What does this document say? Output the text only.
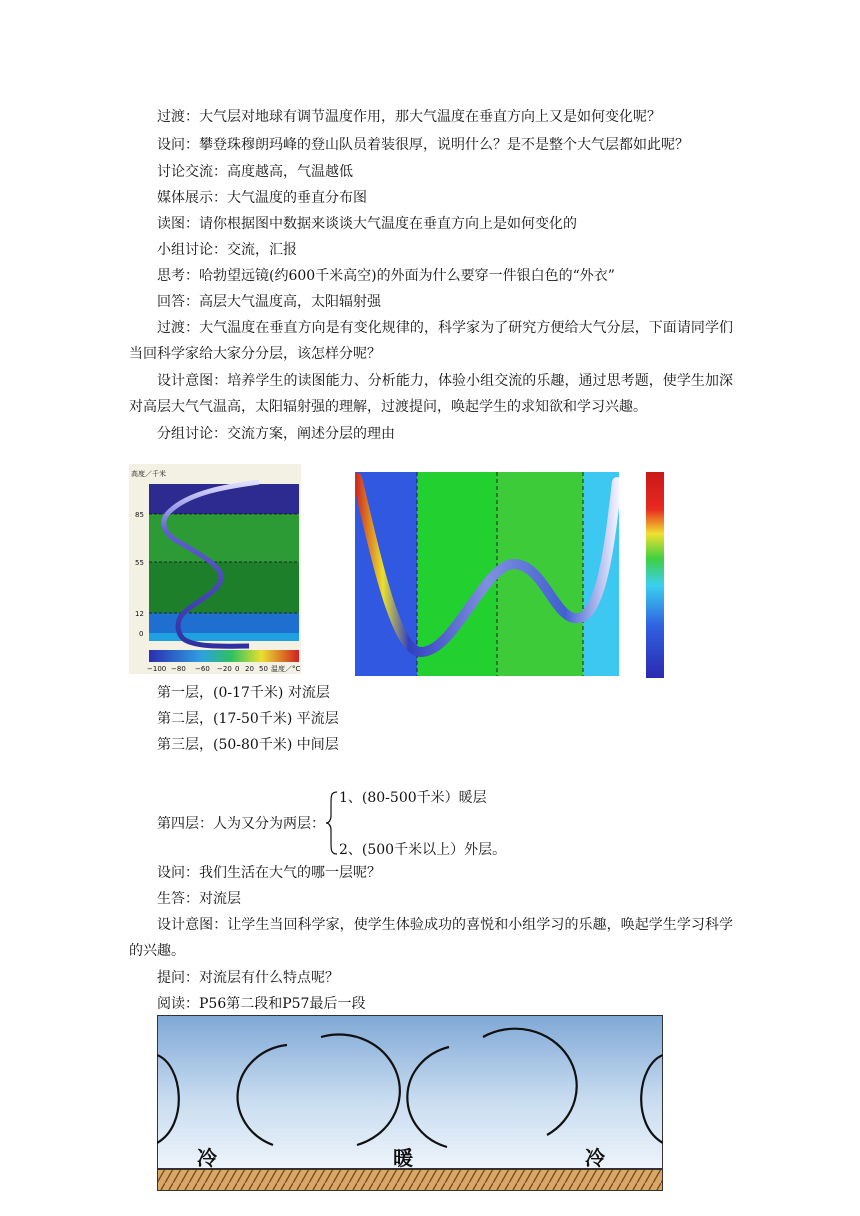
过渡：大气层对地球有调节温度作用，那大气温度在垂直方向上又是如何变化呢？
设问：攀登珠穆朗玛峰的登山队员着装很厚，说明什么？是不是整个大气层都如此呢？
讨论交流：高度越高，气温越低
媒体展示：大气温度的垂直分布图
读图：请你根据图中数据来谈谈大气温度在垂直方向上是如何变化的
小组讨论：交流，汇报
思考：哈勃望远镜(约600千米高空)的外面为什么要穿一件银白色的“外衣”
回答：高层大气温度高，太阳辐射强
过渡：大气温度在垂直方向是有变化规律的，科学家为了研究方便给大气分层，下面请同学们当回科学家给大家分分层，该怎样分呢？
设计意图：培养学生的读图能力、分析能力，体验小组交流的乐趣，通过思考题，使学生加深对高层大气气温高，太阳辐射强的理解，过渡提问，唤起学生的求知欲和学习兴趣。
分组讨论：交流方案，阐述分层的理由
高度／千米
85
55
12
0
−100 −80 −60 −20 0 20 50 温度／°C
第一层，(0-17千米) 对流层
第二层，(17-50千米) 平流层
第三层，(50-80千米) 中间层
1、(80-500千米）暖层
第四层：人为又分为两层：
2、(500千米以上）外层。
设问：我们生活在大气的哪一层呢？
生答：对流层
设计意图：让学生当回科学家，使学生体验成功的喜悦和小组学习的乐趣，唤起学生学习科学的兴趣。
提问：对流层有什么特点呢？
阅读：P56第二段和P57最后一段
冷	暖	冷
